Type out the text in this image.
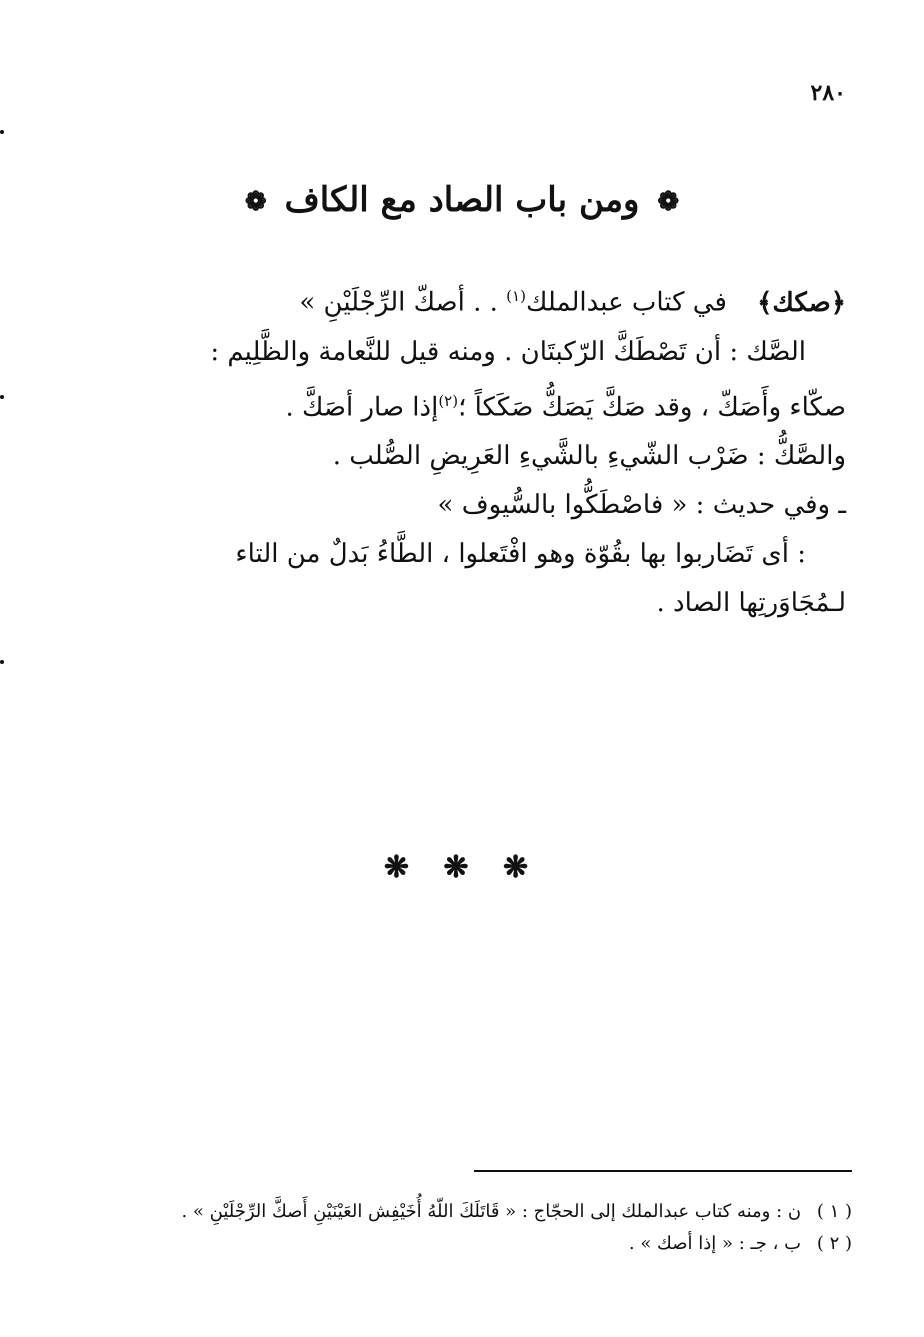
٢٨٠
❁ ومن باب الصاد مع الكاف ❁
﴿صكك﴾ في كتاب عبدالملك$^{(١)}$ . . أصكّ الرِّجْلَيْنِ »
الصَّك : أن تَصْطَكَّ الرّكبتَان . ومنه قيل للنَّعامة والظَّلِيم :
صكّاء وأَصَكّ ، وقد صَكَّ يَصَكُّ صَكَكاً ؛$^{(٢)}$إذا صار أصَكَّ .
والصَّكُّ : ضَرْب الشّيءِ بالشَّيءِ العَرِيضِ الصُّلب .
ـ وفي حديث : « فاصْطَكُّوا بالسُّيوف »
: أى تَضَاربوا بها بقُوّة وهو افْتَعلوا ، الطَّاءُ بَدلٌ من التاء
لـمُجَاوَرتِها الصاد .
❋ ❋ ❋
( ١ ) ن : ومنه كتاب عبدالملك إلى الحجّاج : « قَاتَلَكَ اللّهُ أُخَيْفِش العَيْنَيْنِ أَصكَّ الرِّجْلَيْنِ » .
( ٢ ) ب ، جـ : « إذا أصك » .
